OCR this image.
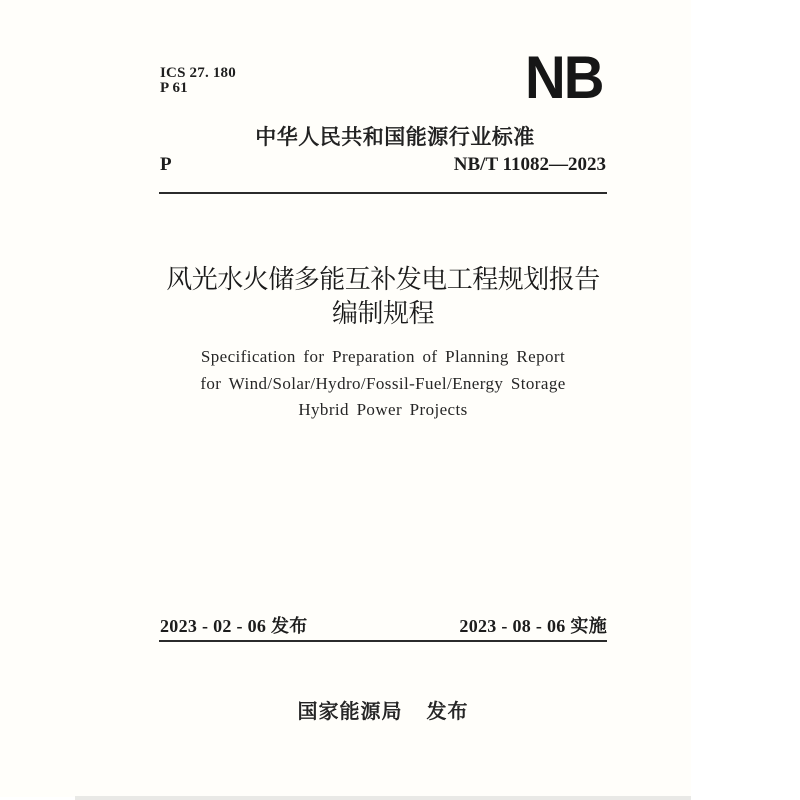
ICS 27. 180
P 61	NB
中华人民共和国能源行业标准
P	NB/T 11082—2023
风光水火储多能互补发电工程规划报告
编制规程
Specification for Preparation of Planning Report
for Wind/Solar/Hydro/Fossil-Fuel/Energy Storage
Hybrid Power Projects
2023 - 02 - 06 发布	2023 - 08 - 06 实施
国家能源局 发布
